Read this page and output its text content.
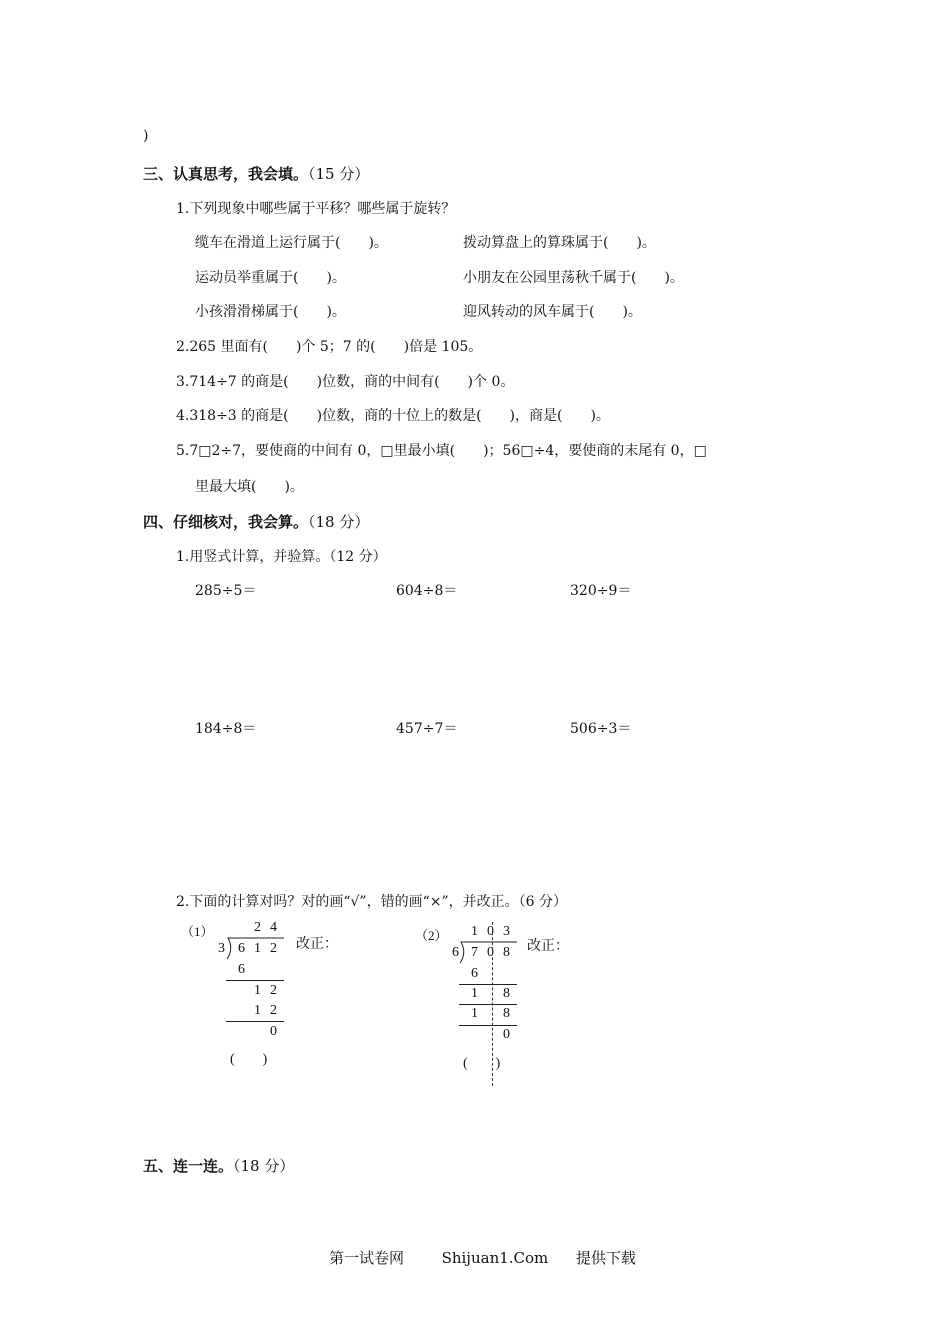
)
三、认真思考，我会填。（15 分）
1.下列现象中哪些属于平移？哪些属于旋转？
缆车在滑道上运行属于(　　)。	拨动算盘上的算珠属于(　　)。
运动员举重属于(　　)。	小朋友在公园里荡秋千属于(　　)。
小孩滑滑梯属于(　　)。	迎风转动的风车属于(　　)。
2.265 里面有(　　)个 5；7 的(　　)倍是 105。
3.714÷7 的商是(　　)位数，商的中间有(　　)个 0。
4.318÷3 的商是(　　)位数，商的十位上的数是(　　)，商是(　　)。
5.7□2÷7，要使商的中间有 0，□里最小填(　　)；56□÷4，要使商的末尾有 0，□
里最大填(　　)。
四、仔细核对，我会算。（18 分）
1.用竖式计算，并验算。（12 分）
285÷5＝	604÷8＝	320÷9＝
184÷8＝	457÷7＝	506÷3＝
2.下面的计算对吗？对的画“√”，错的画“×”，并改正。（6 分）
（1）	2 4
3 6 1 2
6
1 2
1 2
0
改正：
(　　)
（2） 1 0 3
6 7 0 8
6
1 8
1 8
0
改正：
(　　)
五、连一连。（18 分）
第一试卷网	Shijuan1.Com 提供下载
